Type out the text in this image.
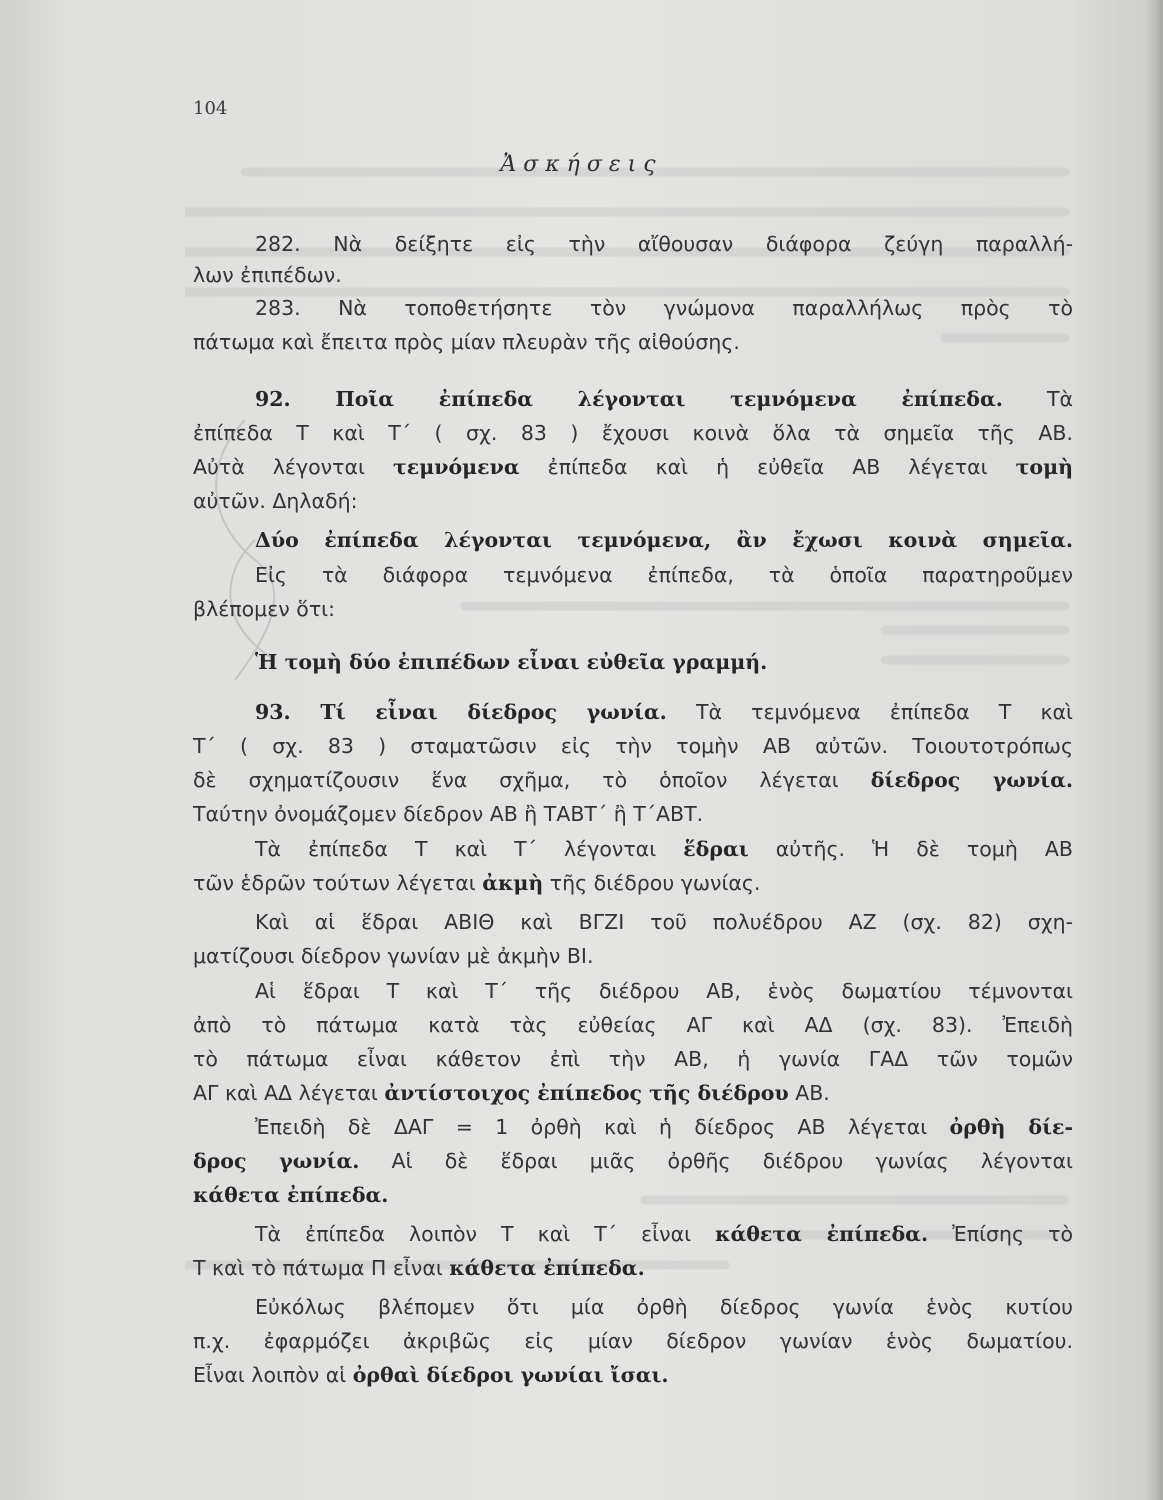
104
Ἀσκήσεις
282. Νὰ δείξητε εἰς τὴν αἴθουσαν διάφορα ζεύγη παραλλή-
λων ἐπιπέδων.
283. Νὰ τοποθετήσητε τὸν γνώμονα παραλλήλως πρὸς τὸ
πάτωμα καὶ ἔπειτα πρὸς μίαν πλευρὰν τῆς αἰθούσης.
92. Ποῖα ἐπίπεδα λέγονται τεμνόμενα ἐπίπεδα. Τὰ
ἐπίπεδα Τ καὶ Τ΄ ( σχ. 83 ) ἔχουσι κοινὰ ὅλα τὰ σημεῖα τῆς ΑΒ.
Αὐτὰ λέγονται τεμνόμενα ἐπίπεδα καὶ ἡ εὐθεῖα ΑΒ λέγεται τομὴ
αὐτῶν. Δηλαδή:
Δύο ἐπίπεδα λέγονται τεμνόμενα, ἂν ἔχωσι κοινὰ σημεῖα.
Εἰς τὰ διάφορα τεμνόμενα ἐπίπεδα, τὰ ὁποῖα παρατηροῦμεν
βλέπομεν ὅτι:
Ἡ τομὴ δύο ἐπιπέδων εἶναι εὐθεῖα γραμμή.
93. Τί εἶναι δίεδρος γωνία. Τὰ τεμνόμενα ἐπίπεδα Τ καὶ
Τ΄ ( σχ. 83 ) σταματῶσιν εἰς τὴν τομὴν ΑΒ αὐτῶν. Τοιουτοτρόπως
δὲ σχηματίζουσιν ἕνα σχῆμα, τὸ ὁποῖον λέγεται δίεδρος γωνία.
Ταύτην ὀνομάζομεν δίεδρον ΑΒ ἢ ΤΑΒΤ΄ ἢ Τ΄ΑΒΤ.
Τὰ ἐπίπεδα Τ καὶ Τ΄ λέγονται ἕδραι αὐτῆς. Ἡ δὲ τομὴ ΑΒ
τῶν ἑδρῶν τούτων λέγεται ἀκμὴ τῆς διέδρου γωνίας.
Καὶ αἱ ἕδραι ΑΒΙΘ καὶ ΒΓΖΙ τοῦ πολυέδρου ΑΖ (σχ. 82) σχη-
ματίζουσι δίεδρον γωνίαν μὲ ἀκμὴν ΒΙ.
Αἱ ἕδραι Τ καὶ Τ΄ τῆς διέδρου ΑΒ, ἑνὸς δωματίου τέμνονται
ἀπὸ τὸ πάτωμα κατὰ τὰς εὐθείας ΑΓ καὶ ΑΔ (σχ. 83). Ἐπειδὴ
τὸ πάτωμα εἶναι κάθετον ἐπὶ τὴν ΑΒ, ἡ γωνία ΓΑΔ τῶν τομῶν
ΑΓ καὶ ΑΔ λέγεται ἀντίστοιχος ἐπίπεδος τῆς διέδρου ΑΒ.
Ἐπειδὴ δὲ ΔΑΓ = 1 ὀρθὴ καὶ ἡ δίεδρος ΑΒ λέγεται ὀρθὴ δίε-
δρος γωνία. Αἱ δὲ ἕδραι μιᾶς ὀρθῆς διέδρου γωνίας λέγονται
κάθετα ἐπίπεδα.
Τὰ ἐπίπεδα λοιπὸν Τ καὶ Τ΄ εἶναι κάθετα ἐπίπεδα. Ἐπίσης τὸ
Τ καὶ τὸ πάτωμα Π εἶναι κάθετα ἐπίπεδα.
Εὐκόλως βλέπομεν ὅτι μία ὀρθὴ δίεδρος γωνία ἑνὸς κυτίου
π.χ. ἐφαρμόζει ἀκριβῶς εἰς μίαν δίεδρον γωνίαν ἑνὸς δωματίου.
Εἶναι λοιπὸν αἱ ὀρθαὶ δίεδροι γωνίαι ἴσαι.
